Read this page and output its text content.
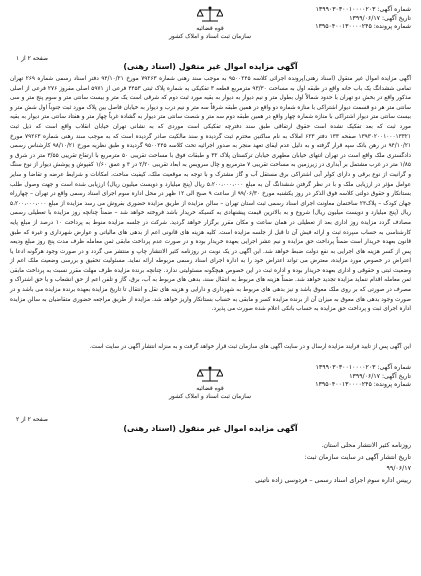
شماره آگهی: ۱۳۹۹۰۳۰۳۰۰۱۰۰۰۰۲۰۳
تاریخ آگهی: ۱۳۹۹/۰۶/۱۷
شماره پرونده: ۱۳۹۵۰۴۰۰۱۳۰۰۰۰۲۴۵
قوه قضائیه
سازمان ثبت اسناد و املاک کشور
صفحه ۲ از ۱
آگهی مزایده اموال غیر منقول (اسناد رهنی)
آگهی مزایده اموال غیر منقول (اسناد رهنی)پرونده اجرائی کلاسه ۹۵۰۰۲۴۵ به موجب سند رهنی شماره ۷۹۲۶۳ مورخ ۹۴/۱۰/۲۱ دفتر اسناد رسمی شماره ۲۶۹ تهران تمامی ششدانگ یک باب خانه واقع در طبقه اول به مساحت ۹۳/۳۰ مترمربع قطعه ۳ تفکیکی به شماره پلاک ثبتی ۴۴۵۳ فرعی از ۵۹۷۱ اصلی مفروز ۲۷۶ فرعی از اصلی مذکور واقع در بخش دو تهران با حدود شمالاً اول بطول متر و نیم دیوار به دیوار به بقیه مورد ثبت دوم که شرقی است یک متر و بیست سانتی متر و سوم پنج متر و سی سانتی متر هر دو قسمت دیوار اشتراکی با منازه شماره دو واقع در همین طبقه شرقاً سه متر و نیم درب و دیوار به خیابان فاصل بین پلاک مورد ثبت جنوباً اول شش متر و بیست سانتی متر دیوار اشتراکی با منازه شماره چهار واقع در همین طبقه دوم سه متر و شصت سانتی متر دیوار به گشاده غرباً چهار متر و هفتاد سانتی متر دیوار به بقیه مورد ثبت که بعد تفکیک نشده است حقوق ارتفاقی طبق سند دفترچه تفکیکی است موردی که به نشانی تهران خیابان انقلاب واقع است که ذیل ثبت ۱۳۹۳۰۲۰۰۱۰۰۰۱۳۳۲۱ صفحه ۱۳۳ دفتر ۶۲۳ املاک به نام ساکنین محترم ثبت گردیده و سند مالکیت صادر گردیده است که به موجب سند رهنی شماره ۷۹۲۶۳ مورخ ۹۴/۱۰/۲۱ در رهن بانک سپه قرار گرفته و به دلیل عدم ایفای تعهد منجر به صدور اجرائیه تحت کلاسه ۹۵۰۰۲۴۵ گردیده و طبق نظریه مورخ ۹۸/۱۰/۲۱ کارشناس رسمی دادگستری ملک واقع است در تهران انتهای خیابان مطهری خیابان ترکستان پلاک ۳۲ و طبقات فوق با مساحت تقریبی ۵۰ مترمربع با ارتفاع تقریبی ۳/۵۵ متر در شرق و ۱/۸۵ متر در غرب مشتمل بر آبداری در زیرزمین به مساحت تقریبی ۷ مترمربع و چال سرویس به ابعاد تقریبی ۲/۲۰ در ۴ و عمق ۱/۶۰ کفپوش و پوشش دیوار از نوع سنگ و گرانیت از نوع برقی و دارای کولر آبی اشتراکی برق مستقل آب و گاز مشترک و با توجه به موقعیت ملک، کیفیت ساخت، امکانات و شرایط عرضه و تقاضا و سایر عوامل مؤثر در ارزیابی ملک و با در نظر گرفتن ششدانگ آن به مبلغ ۵،۲۰۰،۰۰۰،۰۰۰ ریال (پنج میلیارد و دویست میلیون ریال) ارزیابی شده است و جهت وصول طلب بستانکار و حقوق دولتی کلاسه فوق الذکر در روز یکشنبه مورخ ۹۹/۰۶/۳۰ از ساعت ۹ صبح الی ۱۲ ظهر در محل اداره سوم اجرای اسناد رسمی واقع در تهران – چهارراه جهان کودک – پلاک۲۴ ساختمان معاونت اجرای اسناد رسمی ثبت استان تهران – سالن مزایده از طریق مزایده حضوری بفروش می رسد مزایده از مبلغ ۵،۲۰۰،۰۰۰،۰۰۰ ریال (پنج میلیارد و دویست میلیون ریال) شروع و به بالاترین قیمت پیشنهادی به کسیکه خریدار باشد فروخته خواهد شد – ضمناً چنانچه روز مزایده با تعطیلی رسمی مصادف گردد مزایده روز اداری بعد از تعطیلی در همان ساعت و مکان مقرر برگزار خواهد گردید. شرکت در جلسه مزایده منوط به پرداخت ۱۰ درصد از مبلغ پایه کارشناسی به حساب سپرده ثبت و ارائه فیش آن تا قبل از جلسه مزایده است. کلیه هزینه های قانونی اعم از بدهی های مالیاتی و عوارض شهرداری و غیره که طبق قانون بعهده خریدار است ضمناً پرداخت حق مزایده و نیم عشر اجرایی بعهده خریدار بوده و در صورت عدم پرداخت مابقی ثمن معامله ظرف مدت پنج روز مبلغ ودیعه پس از کسر هزینه های اجرایی به نفع دولت ضبط خواهد شد. این آگهی در یک نوبت در روزنامه کثیر الانتشار چاپ و منتشر می گردد و در صورت وجود هرگونه ادعا یا اعتراض در خصوص مورد مزایده، معترض می تواند اعتراض خود را به اداره اجرای اسناد رسمی مربوطه ارائه نماید. مسئولیت تحقیق و بررسی وضعیت ملک اعم از وضعیت ثبتی و حقوقی و اداری بعهده خریدار بوده و اداره ثبت در این خصوص هیچگونه مسئولیتی ندارد. چنانچه برنده مزایده ظرف مهلت مقرر نسبت به پرداخت مابقی ثمن معامله اقدام ننماید مزایده تجدید خواهد شد. ضمناً هزینه های مربوط به انتقال سند، بدهی های مربوط به آب، برق، گاز و تلفن اعم از حق انشعاب و یا حق اشتراک و مصرف در صورتی که بر روی ملک معوق باشد و نیز بدهی های مربوط به شهرداری و دارایی و هزینه های نقل و انتقال تا تاریخ مزایده بعهده برنده مزایده می باشد و در صورت وجود بدهی های معوق به میزان آن از برنده مزایده کسر و مابقی به حساب بستانکار واریز خواهد شد. مزایده از طریق مراجعه حضوری متقاضیان به سالن مزایده اداره اجرای ثبت و پرداخت حق مزایده به حساب بانکی اعلام شده صورت می پذیرد.
این آگهی پس از تایید فرایند مزایده ارسال و در سایت آگهی های سازمان ثبت قرار خواهد گرفت و به منزله انتشار آگهی در سایت است.
شماره آگهی: ۱۳۹۹۰۳۰۳۰۰۱۰۰۰۰۲۰۳
تاریخ آگهی: ۱۳۹۹/۰۶/۱۷
شماره پرونده: ۱۳۹۵۰۴۰۰۱۳۰۰۰۰۲۴۵
قوه قضائیه
سازمان ثبت اسناد و املاک کشور
صفحه ۲ از ۲
آگهی مزایده اموال غیر منقول (اسناد رهنی)
روزنامه کثیر الانتشار محلی استان.
تاریخ انتشار آگهی در سایت سازمان ثبت:
۹۹/۰۶/۱۷
رییس اداره سوم اجرای اسناد رسمی – فردوسی زاده ناتینی
